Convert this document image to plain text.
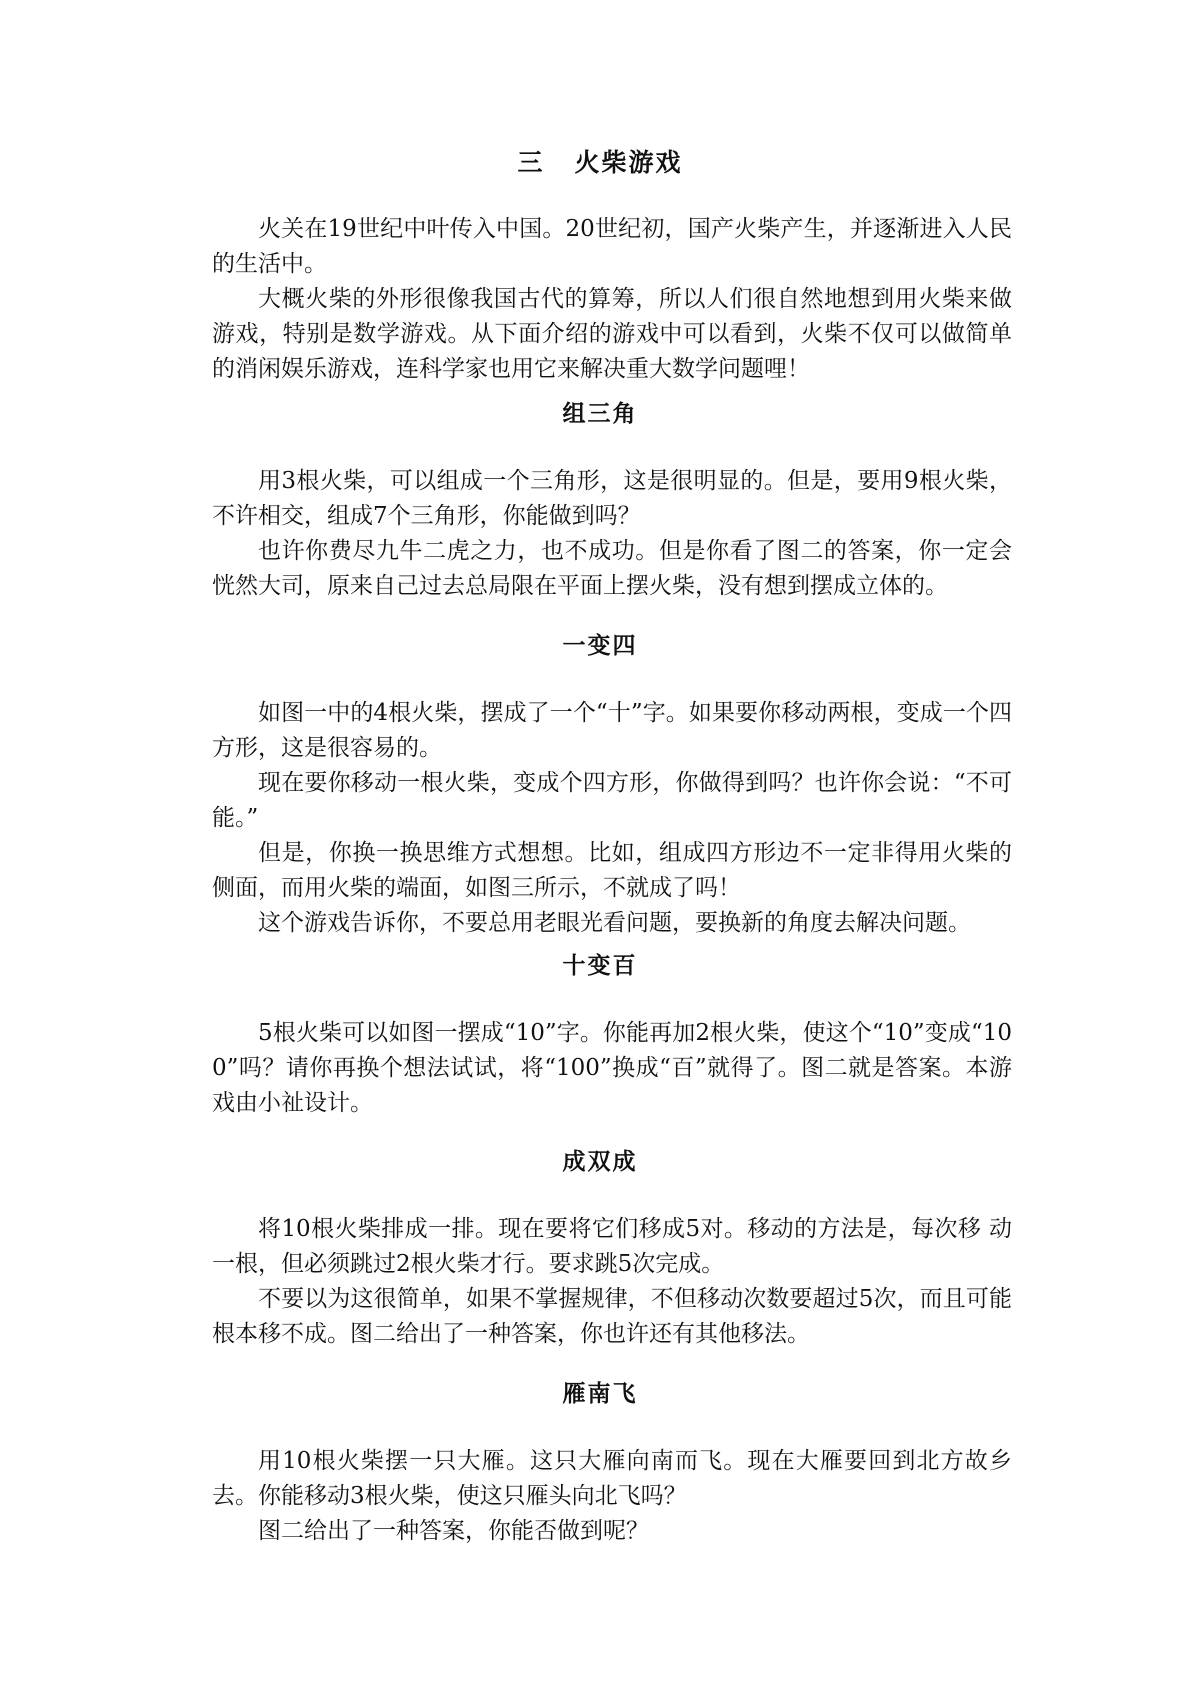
三 火柴游戏

火关在19世纪中叶传入中国。20世纪初，国产火柴产生，并逐渐进入人民的生活中。

大概火柴的外形很像我国古代的算筹，所以人们很自然地想到用火柴来做游戏，特别是数学游戏。从下面介绍的游戏中可以看到，火柴不仅可以做简单的消闲娱乐游戏，连科学家也用它来解决重大数学问题哩！

组三角

用3根火柴，可以组成一个三角形，这是很明显的。但是，要用9根火柴，不许相交，组成7个三角形，你能做到吗？

也许你费尽九牛二虎之力，也不成功。但是你看了图二的答案，你一定会恍然大司，原来自己过去总局限在平面上摆火柴，没有想到摆成立体的。

一变四

如图一中的4根火柴，摆成了一个“十”字。如果要你移动两根，变成一个四方形，这是很容易的。

现在要你移动一根火柴，变成个四方形，你做得到吗？也许你会说：“不可能。”

但是，你换一换思维方式想想。比如，组成四方形边不一定非得用火柴的侧面，而用火柴的端面，如图三所示，不就成了吗！

这个游戏告诉你，不要总用老眼光看问题，要换新的角度去解决问题。

十变百

5根火柴可以如图一摆成“10”字。你能再加2根火柴，使这个“10”变成“100”吗？请你再换个想法试试，将“100”换成“百”就得了。图二就是答案。本游戏由小祉设计。

成双成

将10根火柴排成一排。现在要将它们移成5对。移动的方法是，每次移 动一根，但必须跳过2根火柴才行。要求跳5次完成。

不要以为这很简单，如果不掌握规律，不但移动次数要超过5次，而且可能根本移不成。图二给出了一种答案，你也许还有其他移法。

雁南飞

用10根火柴摆一只大雁。这只大雁向南而飞。现在大雁要回到北方故乡去。你能移动3根火柴，使这只雁头向北飞吗？

图二给出了一种答案，你能否做到呢？
